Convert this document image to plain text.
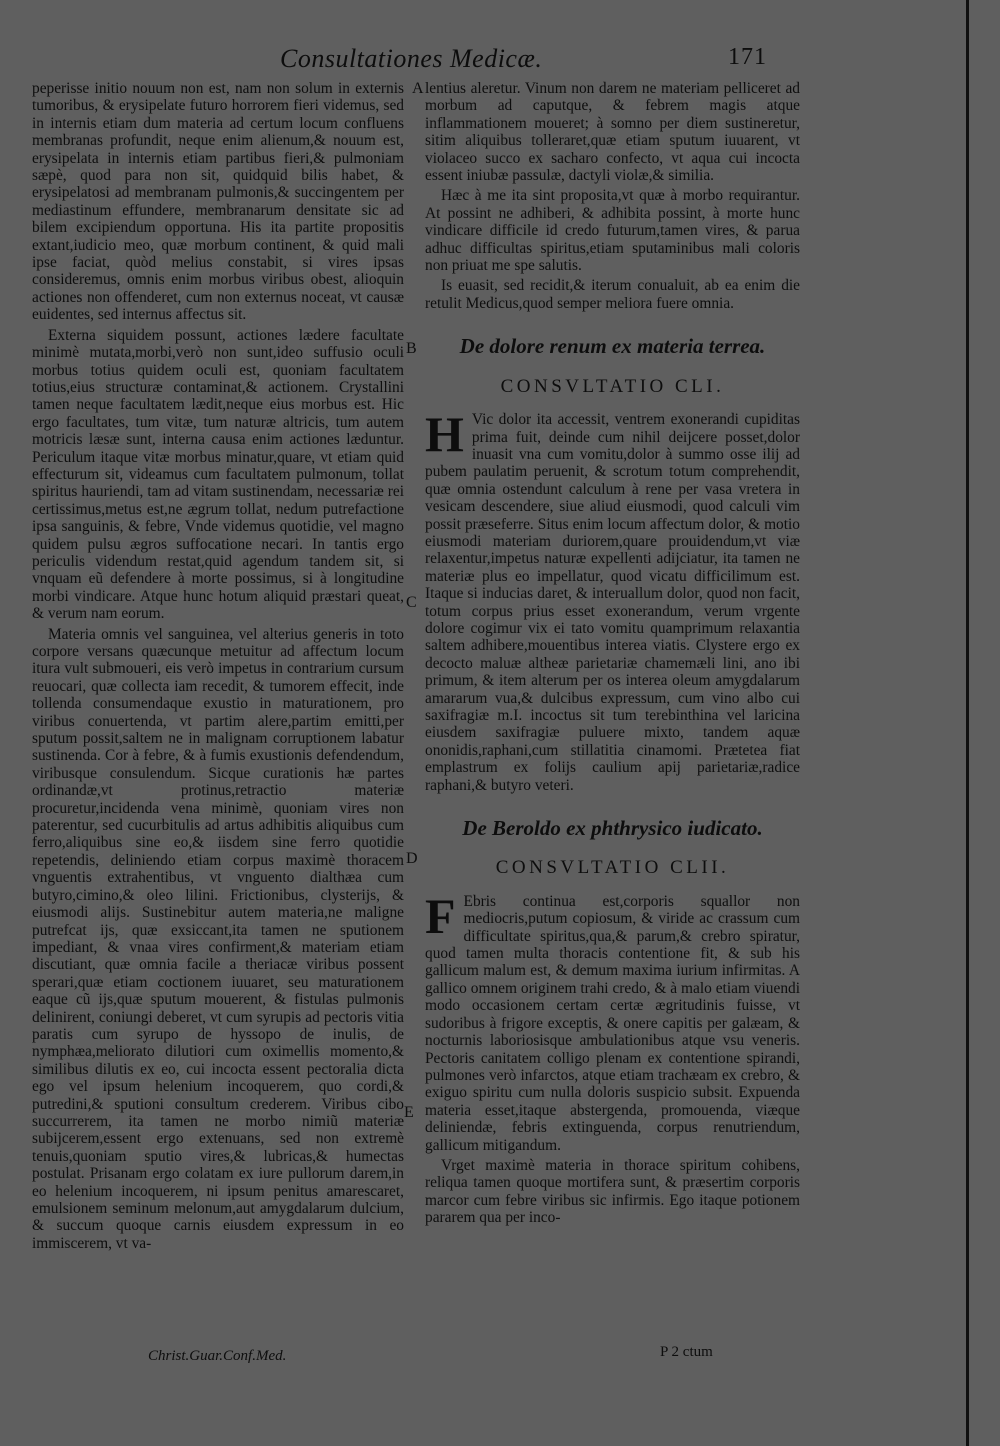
Consultationes Medicæ.	171
A
B
C
D
E

peperisse initio nouum non est, nam non solum in externis tumoribus, & erysipelate futuro horrorem fieri videmus, sed in internis etiam dum materia ad certum locum confluens membranas profundit, neque enim alienum,& nouum est, erysipelata in internis etiam partibus fieri,& pulmoniam sæpè, quod para non sit, quidquid bilis habet, & erysipelatosi ad membranam pulmonis,& succingentem per mediastinum effundere, membranarum densitate sic ad bilem excipiendum opportuna. His ita partite propositis extant,iudicio meo, quæ morbum continent, & quid mali ipse faciat, quòd melius constabit, si vires ipsas consideremus, omnis enim morbus viribus obest, alioquin actiones non offenderet, cum non externus noceat, vt causæ euidentes, sed internus affectus sit.

Externa siquidem possunt, actiones lædere facultate minimè mutata,morbi,verò non sunt,ideo suffusio oculi morbus totius quidem oculi est, quoniam facultatem totius,eius structuræ contaminat,& actionem. Crystallini tamen neque facultatem lædit,neque eius morbus est. Hic ergo facultates, tum vitæ, tum naturæ altricis, tum autem motricis læsæ sunt, interna causa enim actiones læduntur. Periculum itaque vitæ morbus minatur,quare, vt etiam quid effecturum sit, videamus cum facultatem pulmonum, tollat spiritus hauriendi, tam ad vitam sustinendam, necessariæ rei certissimus,metus est,ne ægrum tollat, nedum putrefactione ipsa sanguinis, & febre, Vnde videmus quotidie, vel magno quidem pulsu ægros suffocatione necari. In tantis ergo periculis videndum restat,quid agendum tandem sit, si vnquam eũ defendere à morte possimus, si à longitudine morbi vindicare. Atque hunc hotum aliquid præstari queat, & verum nam eorum.

Materia omnis vel sanguinea, vel alterius generis in toto corpore versans quæcunque metuitur ad affectum locum itura vult submoueri, eis verò impetus in contrarium cursum reuocari, quæ collecta iam recedit, & tumorem effecit, inde tollenda consumendaque exustio in maturationem, pro viribus conuertenda, vt partim alere,partim emitti,per sputum possit,saltem ne in malignam corruptionem labatur sustinenda. Cor à febre, & à fumis exustionis defendendum, viribusque consulendum. Sicque curationis hæ partes ordinandæ,vt protinus,retractio materiæ procuretur,incidenda vena minimè, quoniam vires non paterentur, sed cucurbitulis ad artus adhibitis aliquibus cum ferro,aliquibus sine eo,& iisdem sine ferro quotidie repetendis, deliniendo etiam corpus maximè thoracem vnguentis extrahentibus, vt vnguento dialthæa cum butyro,cimino,& oleo lilini. Frictionibus, clysterijs, & eiusmodi alijs. Sustinebitur autem materia,ne maligne putrefcat ijs, quæ exsiccant,ita tamen ne sputionem impediant, & vnaa vires confirment,& materiam etiam discutiant, quæ omnia facile a theriacæ viribus possent sperari,quæ etiam coctionem iuuaret, seu maturationem eaque cũ ijs,quæ sputum mouerent, & fistulas pulmonis delinirent, coniungi deberet, vt cum syrupis ad pectoris vitia paratis cum syrupo de hyssopo de inulis, de nymphæa,meliorato dilutiori cum oximellis momento,& similibus dilutis ex eo, cui incocta essent pectoralia dicta ego vel ipsum helenium incoquerem, quo cordi,& putredini,& sputioni consultum crederem. Viribus cibo succurrerem, ita tamen ne morbo nimiũ materiæ subijcerem,essent ergo extenuans, sed non extremè tenuis,quoniam sputio vires,& lubricas,& humectas postulat. Prisanam ergo colatam ex iure pullorum darem,in eo helenium incoquerem, ni ipsum penitus amarescaret, emulsionem seminum melonum,aut amygdalarum dulcium, & succum quoque carnis eiusdem expressum in eo immiscerem, vt va-

Christ.Guar.Conf.Med.

lentius aleretur. Vinum non darem ne materiam pelliceret ad morbum ad caputque, & febrem magis atque inflammationem moueret; à somno per diem sustineretur, sitim aliquibus tolleraret,quæ etiam sputum iuuarent, vt violaceo succo ex sacharo confecto, vt aqua cui incocta essent iniubæ passulæ, dactyli violæ,& similia.

Hæc à me ita sint proposita,vt quæ à morbo requirantur. At possint ne adhiberi, & adhibita possint, à morte hunc vindicare difficile id credo futurum,tamen vires, & parua adhuc difficultas spiritus,etiam sputaminibus mali coloris non priuat me spe salutis.

Is euasit, sed recidit,& iterum conualuit, ab ea enim die retulit Medicus,quod semper meliora fuere omnia.

De dolore renum ex materia terrea.
CONSVLTATIO CLI.

H Vic dolor ita accessit, ventrem exonerandi cupiditas prima fuit, deinde cum nihil deijcere posset,dolor inuasit vna cum vomitu,dolor à summo osse ilij ad pubem paulatim peruenit, & scrotum totum comprehendit, quæ omnia ostendunt calculum à rene per vasa vretera in vesicam descendere, siue aliud eiusmodi, quod calculi vim possit præseferre. Situs enim locum affectum dolor, & motio eiusmodi materiam duriorem,quare prouidendum,vt viæ relaxentur,impetus naturæ expellenti adijciatur, ita tamen ne materiæ plus eo impellatur, quod vicatu difficilimum est. Itaque si inducias daret, & interuallum dolor, quod non facit, totum corpus prius esset exonerandum, verum vrgente dolore cogimur vix ei tato vomitu quamprimum relaxantia saltem adhibere,mouentibus interea viatis. Clystere ergo ex decocto maluæ altheæ parietariæ chamemæli lini, ano ibi primum, & item alterum per os interea oleum amygdalarum amararum vua,& dulcibus expressum, cum vino albo cui saxifragiæ m.I. incoctus sit tum terebinthina vel laricina eiusdem saxifragiæ puluere mixto, tandem aquæ ononidis,raphani,cum stillatitia cinamomi. Prætetea fiat emplastrum ex folijs caulium apij parietariæ,radice raphani,& butyro veteri.

De Beroldo ex phthrysico iudicato.
CONSVLTATIO CLII.

F Ebris continua est,corporis squallor non mediocris,putum copiosum, & viride ac crassum cum difficultate spiritus,qua,& parum,& crebro spiratur, quod tamen multa thoracis contentione fit, & sub his gallicum malum est, & demum maxima iurium infirmitas. A gallico omnem originem trahi credo, & à malo etiam viuendi modo occasionem certam certæ ægritudinis fuisse, vt sudoribus à frigore exceptis, & onere capitis per galæam, & nocturnis laboriosisque ambulationibus atque vsu veneris. Pectoris canitatem colligo plenam ex contentione spirandi, pulmones verò infarctos, atque etiam trachæam ex crebro, & exiguo spiritu cum nulla doloris suspicio subsit. Expuenda materia esset,itaque abstergenda, promouenda, viæque deliniendæ, febris extinguenda, corpus renutriendum, gallicum mitigandum.

Vrget maximè materia in thorace spiritum cohibens, reliqua tamen quoque mortifera sunt, & præsertim corporis marcor cum febre viribus sic infirmis. Ego itaque potionem pararem qua per inco-

P 2 ctum
